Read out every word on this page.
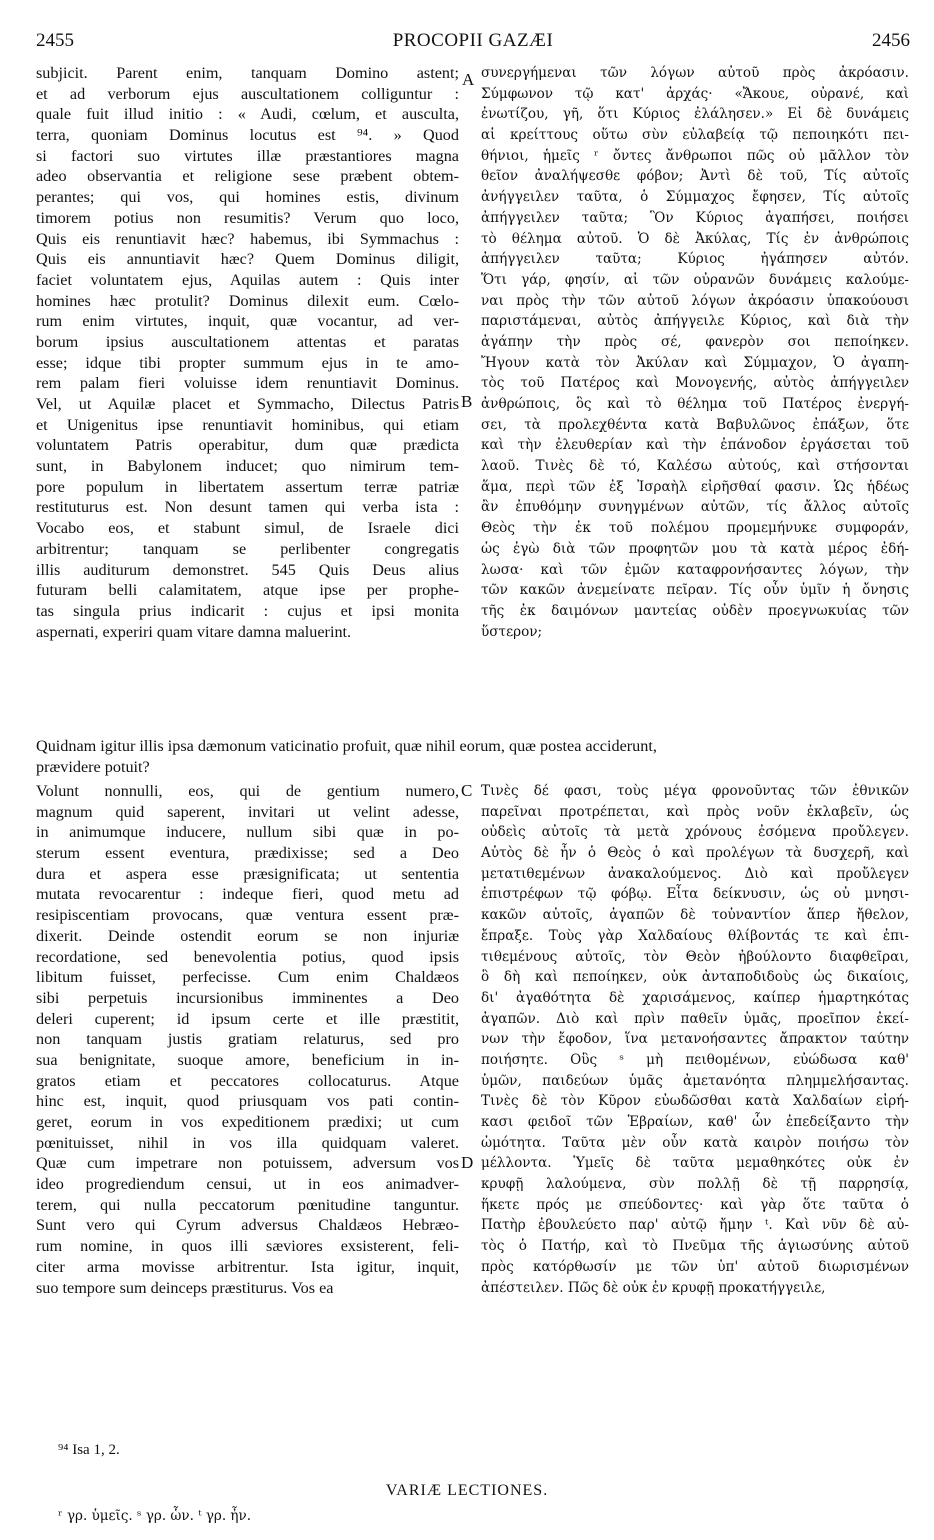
2455	PROCOPII GAZÆI	2456
subjicit. Parent enim, tanquam Domino astent;
et ad verborum ejus auscultationem colliguntur :
quale fuit illud initio : « Audi, cœlum, et ausculta,
terra, quoniam Dominus locutus est ⁹⁴. » Quod
si factori suo virtutes illæ præstantiores magna
adeo observantia et religione sese præbent obtem-
perantes; qui vos, qui homines estis, divinum
timorem potius non resumitis? Verum quo loco,
Quis eis renuntiavit hæc? habemus, ibi Symmachus :
Quis eis annuntiavit hæc? Quem Dominus diligit,
faciet voluntatem ejus, Aquilas autem : Quis inter
homines hæc protulit? Dominus dilexit eum. Cœlo-
rum enim virtutes, inquit, quæ vocantur, ad ver-
borum ipsius auscultationem attentas et paratas
esse; idque tibi propter summum ejus in te amo-
rem palam fieri voluisse idem renuntiavit Dominus.
Vel, ut Aquilæ placet et Symmacho, Dilectus Patris
et Unigenitus ipse renuntiavit hominibus, qui etiam
voluntatem Patris operabitur, dum quæ prædicta
sunt, in Babylonem inducet; quo nimirum tem-
pore populum in libertatem assertum terræ patriæ
restituturus est. Non desunt tamen qui verba ista :
Vocabo eos, et stabunt simul, de Israele dici
arbitrentur; tanquam se perlibenter congregatis
illis auditurum demonstret. 545 Quis Deus alius
futuram belli calamitatem, atque ipse per prophe-
tas singula prius indicarit : cujus et ipsi monita
aspernati, experiri quam vitare damna maluerint.
συνεργήμεναι τῶν λόγων αὐτοῦ πρὸς ἀκρόασιν.
Σύμφωνον τῷ κατ' ἀρχάς· «Ἄκουε, οὐρανέ, καὶ
ἐνωτίζου, γῆ, ὅτι Κύριος ἐλάλησεν.» Εἰ δὲ δυνάμεις
αἱ κρείττους οὕτω σὺν εὐλαβείᾳ τῷ πεποιηκότι πει-
θήνιοι, ἡμεῖς ʳ ὄντες ἄνθρωποι πῶς οὐ μᾶλλον τὸν
θεῖον ἀναλήψεσθε φόβον; Ἀντὶ δὲ τοῦ, Τίς αὐτοῖς
ἀνήγγειλεν ταῦτα, ὁ Σύμμαχος ἔφησεν, Τίς αὐτοῖς
ἀπήγγειλεν ταῦτα; Ὃν Κύριος ἀγαπήσει, ποιήσει
τὸ θέλημα αὐτοῦ. Ὁ δὲ Ἀκύλας, Τίς ἐν ἀνθρώποις
ἀπήγγειλεν ταῦτα; Κύριος ἠγάπησεν αὐτόν.
Ὅτι γάρ, φησίν, αἱ τῶν οὐρανῶν δυνάμεις καλούμε-
ναι πρὸς τὴν τῶν αὐτοῦ λόγων ἀκρόασιν ὑπακούουσι
παριστάμεναι, αὐτὸς ἀπήγγειλε Κύριος, καὶ διὰ τὴν
ἀγάπην τὴν πρὸς σέ, φανερὸν σοι πεποίηκεν.
Ἤγουν κατὰ τὸν Ἀκύλαν καὶ Σύμμαχον, Ὁ ἀγαπη-
τὸς τοῦ Πατέρος καὶ Μονογενής, αὐτὸς ἀπήγγειλεν
ἀνθρώποις, ὃς καὶ τὸ θέλημα τοῦ Πατέρος ἐνεργή-
σει, τὰ προλεχθέντα κατὰ Βαβυλῶνος ἐπάξων, ὅτε
καὶ τὴν ἐλευθερίαν καὶ τὴν ἐπάνοδον ἐργάσεται τοῦ
λαοῦ. Τινὲς δὲ τό, Καλέσω αὐτούς, καὶ στήσονται
ἅμα, περὶ τῶν ἐξ Ἰσραὴλ εἰρῆσθαί φασιν. Ὡς ἡδέως
ἂν ἐπυθόμην συνηγμένων αὐτῶν, τίς ἄλλος αὐτοῖς
Θεὸς τὴν ἐκ τοῦ πολέμου προμεμήνυκε συμφοράν,
ὡς ἐγὼ διὰ τῶν προφητῶν μου τὰ κατὰ μέρος ἐδή-
λωσα· καὶ τῶν ἐμῶν καταφρονήσαντες λόγων, τὴν
τῶν κακῶν ἀνεμείνατε πεῖραν. Τίς οὖν ὑμῖν ἡ ὄνησις
τῆς ἐκ δαιμόνων μαντείας οὐδὲν προεγνωκυίας τῶν
ὕστερον;
A
B
C
D
Quidnam igitur illis ipsa dæmonum vaticinatio profuit, quæ nihil eorum, quæ postea acciderunt,
prævidere potuit?
Volunt nonnulli, eos, qui de gentium numero,
magnum quid saperent, invitari ut velint adesse,
in animumque inducere, nullum sibi quæ in po-
sterum essent eventura, prædixisse; sed a Deo
dura et aspera esse præsignificata; ut sententia
mutata revocarentur : indeque fieri, quod metu ad
resipiscentiam provocans, quæ ventura essent præ-
dixerit. Deinde ostendit eorum se non injuriæ
recordatione, sed benevolentia potius, quod ipsis
libitum fuisset, perfecisse. Cum enim Chaldæos
sibi perpetuis incursionibus imminentes a Deo
deleri cuperent; id ipsum certe et ille præstitit,
non tanquam justis gratiam relaturus, sed pro
sua benignitate, suoque amore, beneficium in in-
gratos etiam et peccatores collocaturus. Atque
hinc est, inquit, quod priusquam vos pati contin-
geret, eorum in vos expeditionem prædixi; ut cum
pœnituisset, nihil in vos illa quidquam valeret.
Quæ cum impetrare non potuissem, adversum vos
ideo progrediendum censui, ut in eos animadver-
terem, qui nulla peccatorum pœnitudine tanguntur.
Sunt vero qui Cyrum adversus Chaldæos Hebræo-
rum nomine, in quos illi sæviores exsisterent, feli-
citer arma movisse arbitrentur. Ista igitur, inquit,
suo tempore sum deinceps præstiturus. Vos ea
Τινὲς δέ φασι, τοὺς μέγα φρονοῦντας τῶν ἐθνικῶν
παρεῖναι προτρέπεται, καὶ πρὸς νοῦν ἐκλαβεῖν, ὡς
οὐδεὶς αὐτοῖς τὰ μετὰ χρόνους ἐσόμενα προὔλεγεν.
Αὐτὸς δὲ ἦν ὁ Θεὸς ὁ καὶ προλέγων τὰ δυσχερῆ, καὶ
μετατιθεμένων ἀνακαλούμενος. Διὸ καὶ προὔλεγεν
ἐπιστρέφων τῷ φόβῳ. Εἶτα δείκνυσιν, ὡς οὐ μνησι-
κακῶν αὐτοῖς, ἀγαπῶν δὲ τοὐναντίον ἅπερ ἤθελον,
ἔπραξε. Τοὺς γὰρ Χαλδαίους θλίβοντάς τε καὶ ἐπι-
τιθεμένους αὐτοῖς, τὸν Θεὸν ἠβούλοντο διαφθεῖραι,
ὃ δὴ καὶ πεποίηκεν, οὐκ ἀνταποδιδοὺς ὡς δικαίοις,
δι' ἀγαθότητα δὲ χαρισάμενος, καίπερ ἡμαρτηκότας
ἀγαπῶν. Διὸ καὶ πρὶν παθεῖν ὑμᾶς, προεῖπον ἐκεί-
νων τὴν ἔφοδον, ἵνα μετανοήσαντες ἄπρακτον ταύτην
ποιήσητε. Οὓς ˢ μὴ πειθομένων, εὐώδωσα καθ'
ὑμῶν, παιδεύων ὑμᾶς ἀμετανόητα πλημμελήσαντας.
Τινὲς δὲ τὸν Κῦρον εὐωδῶσθαι κατὰ Χαλδαίων εἰρή-
κασι φειδοῖ τῶν Ἑβραίων, καθ' ὧν ἐπεδείξαντο τὴν
ὠμότητα. Ταῦτα μὲν οὖν κατὰ καιρὸν ποιήσω τὸν
μέλλοντα. Ὑμεῖς δὲ ταῦτα μεμαθηκότες οὐκ ἐν
κρυφῇ λαλούμενα, σὺν πολλῇ δὲ τῇ παρρησίᾳ,
ἥκετε πρός με σπεύδοντες· καὶ γὰρ ὅτε ταῦτα ὁ
Πατὴρ ἐβουλεύετο παρ' αὐτῷ ἤμην ᵗ. Καὶ νῦν δὲ αὐ-
τὸς ὁ Πατήρ, καὶ τὸ Πνεῦμα τῆς ἁγιωσύνης αὐτοῦ
πρὸς κατόρθωσίν με τῶν ὑπ' αὐτοῦ διωρισμένων
ἀπέστειλεν. Πῶς δὲ οὐκ ἐν κρυφῇ προκατήγγειλε,
⁹⁴ Isa 1, 2.
VARIÆ LECTIONES.
ʳ γρ. ὑμεῖς. ˢ γρ. ὧν. ᵗ γρ. ἦν.
